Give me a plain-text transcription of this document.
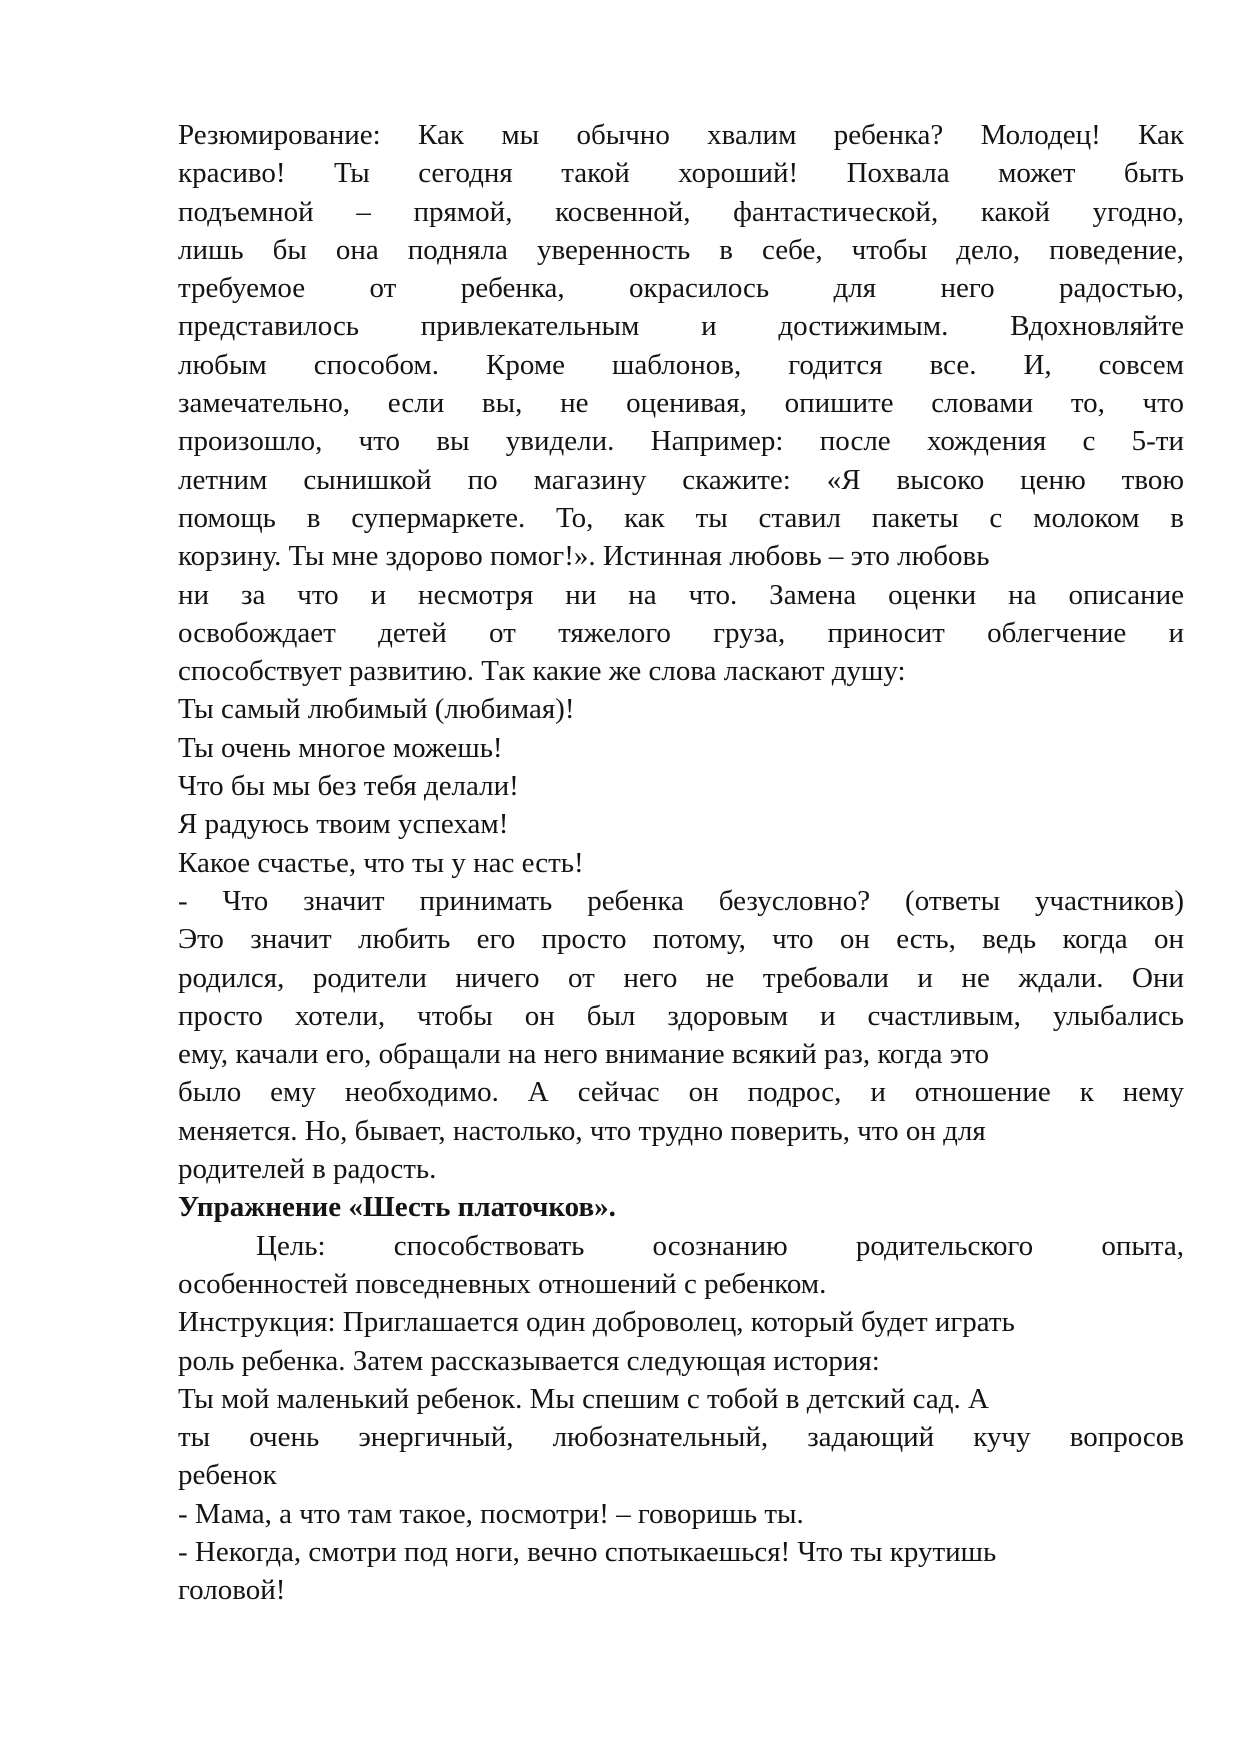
Резюмирование: Как мы обычно хвалим ребенка? Молодец! Как
красиво! Ты сегодня такой хороший! Похвала может быть
подъемной – прямой, косвенной, фантастической, какой угодно,
лишь бы она подняла уверенность в себе, чтобы дело, поведение,
требуемое от ребенка, окрасилось для него радостью,
представилось привлекательным и достижимым. Вдохновляйте
любым способом. Кроме шаблонов, годится все. И, совсем
замечательно, если вы, не оценивая, опишите словами то, что
произошло, что вы увидели. Например: после хождения с 5-ти
летним сынишкой по магазину скажите: «Я высоко ценю твою
помощь в супермаркете. То, как ты ставил пакеты с молоком в
корзину. Ты мне здорово помог!». Истинная любовь – это любовь
ни за что и несмотря ни на что. Замена оценки на описание
освобождает детей от тяжелого груза, приносит облегчение и
способствует развитию. Так какие же слова ласкают душу:
Ты самый любимый (любимая)!
Ты очень многое можешь!
Что бы мы без тебя делали!
Я радуюсь твоим успехам!
Какое счастье, что ты у нас есть!
- Что значит принимать ребенка безусловно? (ответы участников)
Это значит любить его просто потому, что он есть, ведь когда он
родился, родители ничего от него не требовали и не ждали. Они
просто хотели, чтобы он был здоровым и счастливым, улыбались
ему, качали его, обращали на него внимание всякий раз, когда это
было ему необходимо. А сейчас он подрос, и отношение к нему
меняется. Но, бывает, настолько, что трудно поверить, что он для
родителей в радость.
Упражнение «Шесть платочков».
Цель: способствовать осознанию родительского опыта,
особенностей повседневных отношений с ребенком.
Инструкция: Приглашается один доброволец, который будет играть
роль ребенка. Затем рассказывается следующая история:
Ты мой маленький ребенок. Мы спешим с тобой в детский сад. А
ты очень энергичный, любознательный, задающий кучу вопросов
ребенок
- Мама, а что там такое, посмотри! – говоришь ты.
- Некогда, смотри под ноги, вечно спотыкаешься! Что ты крутишь
головой!
